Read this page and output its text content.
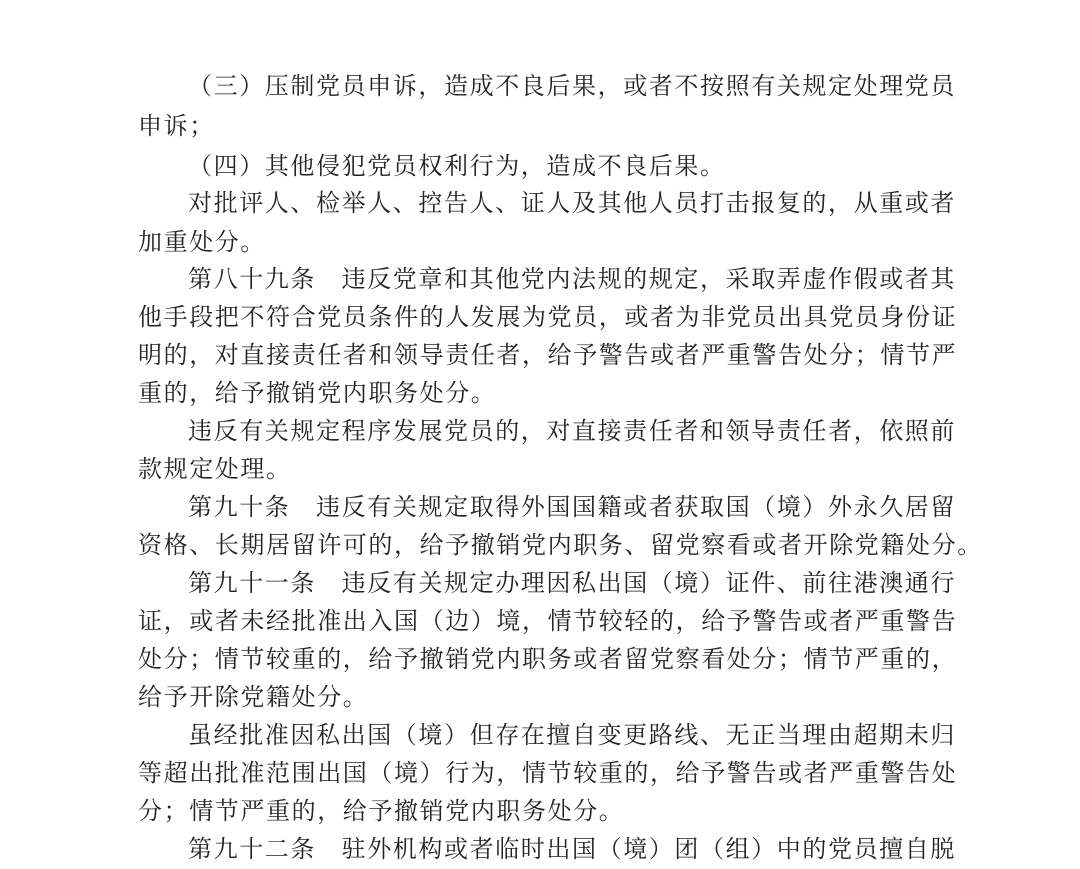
（三）压制党员申诉，造成不良后果，或者不按照有关规定处理党员
申诉；
（四）其他侵犯党员权利行为，造成不良后果。
对批评人、检举人、控告人、证人及其他人员打击报复的，从重或者
加重处分。
第八十九条　违反党章和其他党内法规的规定，采取弄虚作假或者其
他手段把不符合党员条件的人发展为党员，或者为非党员出具党员身份证
明的，对直接责任者和领导责任者，给予警告或者严重警告处分；情节严
重的，给予撤销党内职务处分。
违反有关规定程序发展党员的，对直接责任者和领导责任者，依照前
款规定处理。
第九十条　违反有关规定取得外国国籍或者获取国（境）外永久居留
资格、长期居留许可的，给予撤销党内职务、留党察看或者开除党籍处分。
第九十一条　违反有关规定办理因私出国（境）证件、前往港澳通行
证，或者未经批准出入国（边）境，情节较轻的，给予警告或者严重警告
处分；情节较重的，给予撤销党内职务或者留党察看处分；情节严重的，
给予开除党籍处分。
虽经批准因私出国（境）但存在擅自变更路线、无正当理由超期未归
等超出批准范围出国（境）行为，情节较重的，给予警告或者严重警告处
分；情节严重的，给予撤销党内职务处分。
第九十二条　驻外机构或者临时出国（境）团（组）中的党员擅自脱
